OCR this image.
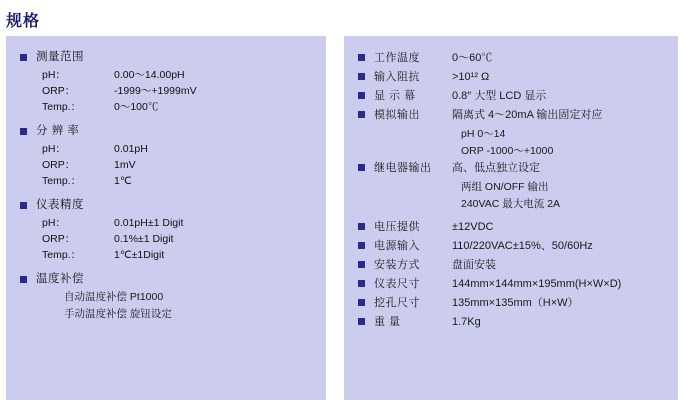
规格
测量范围
pH：	0.00～14.00pH
ORP：	-1999～+1999mV
Temp.：	0～100℃
分 辨 率
pH：	0.01pH
ORP：	1mV
Temp.：	1℃
仪表精度
pH：	0.01pH±1 Digit
ORP：	0.1%±1 Digit
Temp.：	1℃±1Digit
温度补偿
自动温度补偿 Pt1000
手动温度补偿 旋钮设定
工作温度	0～60℃
输入阻抗	>10¹² Ω
显 示 幕	0.8″ 大型 LCD 显示
模拟输出	隔离式 4～20mA 输出固定对应
pH 0～14
ORP -1000～+1000
继电器输出	高、低点独立设定
两组 ON/OFF 输出
240VAC 最大电流 2A
电压提供	±12VDC
电源输入	110/220VAC±15%、50/60Hz
安装方式	盘面安装
仪表尺寸	144mm×144mm×195mm(H×W×D)
挖孔尺寸	135mm×135mm（H×W）
重 量	1.7Kg
